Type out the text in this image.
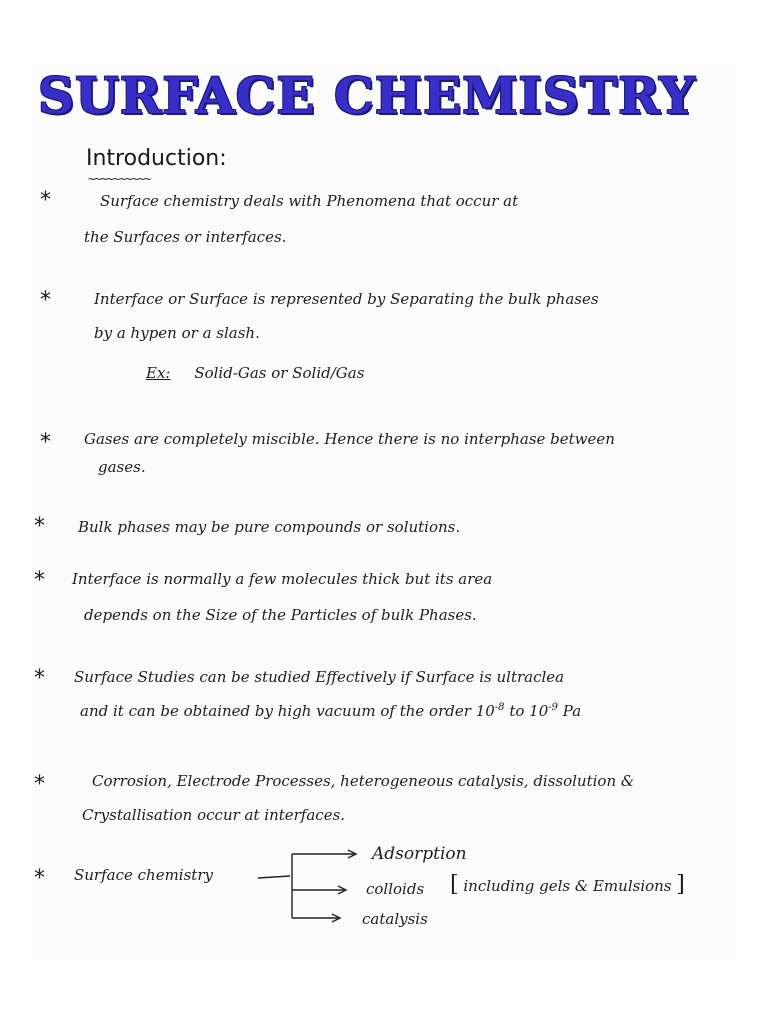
SURFACE CHEMISTRY
Introduction:
~~~~~~~~~~
*	Surface chemistry deals with Phenomena that occur at
the Surfaces or interfaces.
*	Interface or Surface is represented by Separating the bulk phases
by a hypen or a slash.
Ex: Solid-Gas or Solid/Gas
* Gases are completely miscible. Hence there is no interphase between
gases.
* Bulk phases may be pure compounds or solutions.
* Interface is normally a few molecules thick but its area
depends on the Size of the Particles of bulk Phases.
* Surface Studies can be studied Effectively if Surface is ultraclea
and it can be obtained by high vacuum of the order $10^{-8}$ to $10^{-9}$ Pa
*	Corrosion, Electrode Processes, heterogeneous catalysis, dissolution &
Crystallisation occur at interfaces.
* Surface chemistry
Adsorption
colloids [ including gels & Emulsions ]
catalysis
